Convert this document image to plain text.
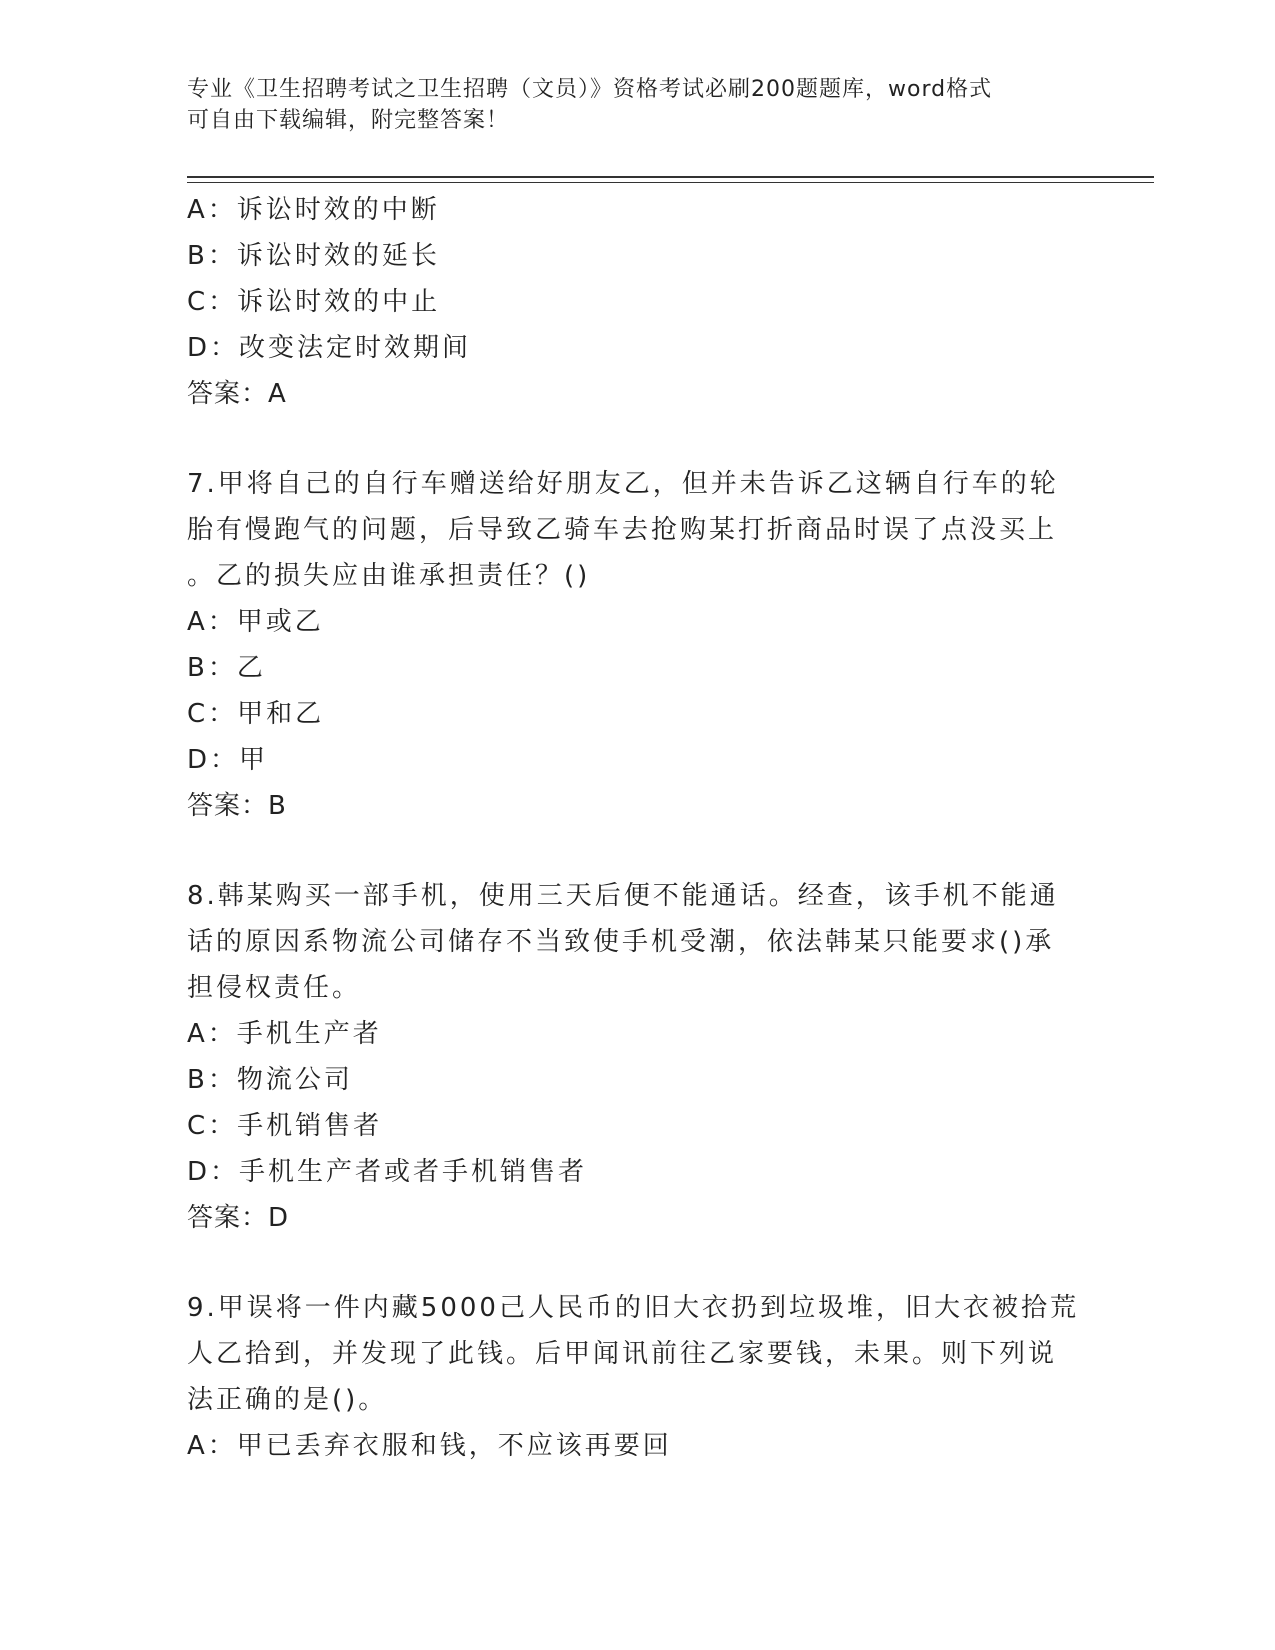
专业《卫生招聘考试之卫生招聘（文员）》资格考试必刷200题题库，word格式
可自由下载编辑，附完整答案！
A：诉讼时效的中断
B：诉讼时效的延长
C：诉讼时效的中止
D：改变法定时效期间
答案：A
7.甲将自己的自行车赠送给好朋友乙，但并未告诉乙这辆自行车的轮
胎有慢跑气的问题，后导致乙骑车去抢购某打折商品时误了点没买上
。乙的损失应由谁承担责任？()
A：甲或乙
B：乙
C：甲和乙
D：甲
答案：B
8.韩某购买一部手机，使用三天后便不能通话。经查，该手机不能通
话的原因系物流公司储存不当致使手机受潮，依法韩某只能要求()承
担侵权责任。
A：手机生产者
B：物流公司
C：手机销售者
D：手机生产者或者手机销售者
答案：D
9.甲误将一件内藏5000己人民币的旧大衣扔到垃圾堆，旧大衣被拾荒
人乙拾到，并发现了此钱。后甲闻讯前往乙家要钱，未果。则下列说
法正确的是()。
A：甲已丢弃衣服和钱，不应该再要回
